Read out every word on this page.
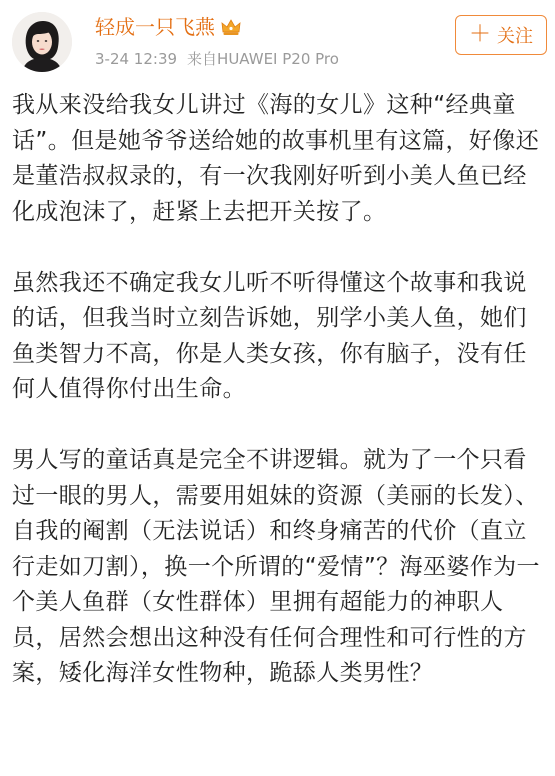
轻成一只飞燕
3-24 12:39 来自HUAWEI P20 Pro
＋ 关注

我从来没给我女儿讲过《海的女儿》这种“经典童话”。但是她爷爷送给她的故事机里有这篇，好像还是董浩叔叔录的，有一次我刚好听到小美人鱼已经化成泡沫了，赶紧上去把开关按了。

虽然我还不确定我女儿听不听得懂这个故事和我说的话，但我当时立刻告诉她，别学小美人鱼，她们鱼类智力不高，你是人类女孩，你有脑子，没有任何人值得你付出生命。

男人写的童话真是完全不讲逻辑。就为了一个只看过一眼的男人，需要用姐妹的资源（美丽的长发）、自我的阉割（无法说话）和终身痛苦的代价（直立行走如刀割），换一个所谓的“爱情”？海巫婆作为一个美人鱼群（女性群体）里拥有超能力的神职人员，居然会想出这种没有任何合理性和可行性的方案，矮化海洋女性物种，跪舔人类男性？
